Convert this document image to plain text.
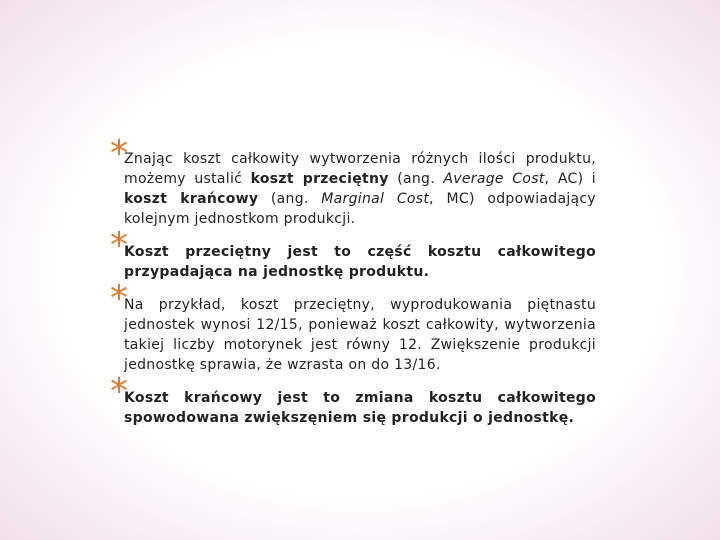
*
Znając koszt całkowity wytworzenia różnych ilości produktu, możemy ustalić koszt przeciętny (ang. Average Cost, AC) i koszt krańcowy (ang. Marginal Cost, MC) odpowiadający kolejnym jednostkom produkcji.
*
Koszt przeciętny jest to część kosztu całkowitego przypadająca na jednostkę produktu.
*
Na przykład, koszt przeciętny, wyprodukowania piętnastu jednostek wynosi 12/15, ponieważ koszt całkowity, wytworzenia takiej liczby motorynek jest równy 12. Zwiększenie produkcji jednostkę sprawia, że wzrasta on do 13/16.
*
Koszt krańcowy jest to zmiana kosztu całkowitego spowodowana zwiększęniem się produkcji o jednostkę.
